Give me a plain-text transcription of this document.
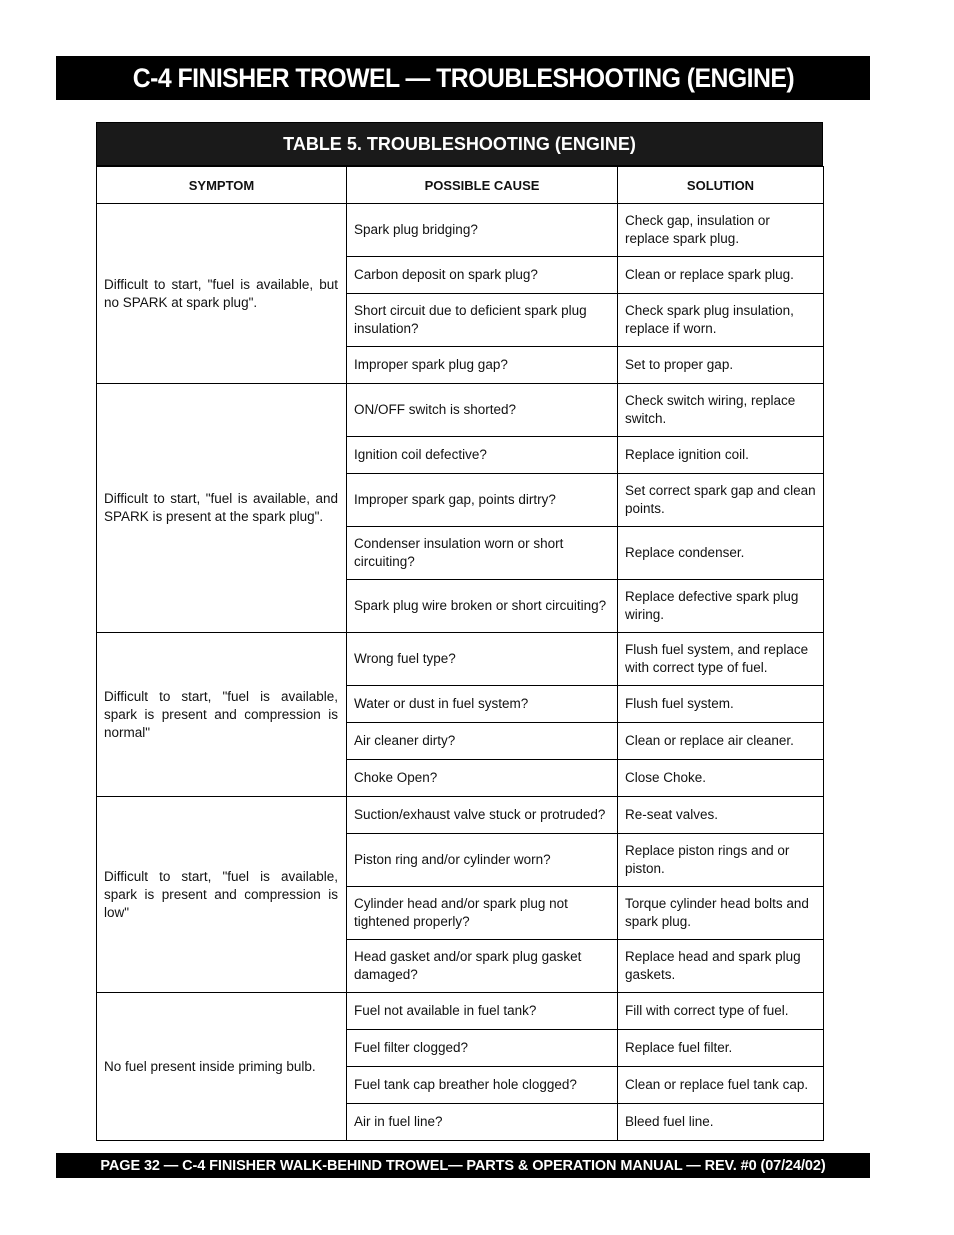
C-4 FINISHER TROWEL — TROUBLESHOOTING (ENGINE)
TABLE 5. TROUBLESHOOTING (ENGINE)
SYMPTOM	POSSIBLE CAUSE	SOLUTION
Difficult to start, "fuel is available, but no SPARK at spark plug".	Spark plug bridging?	Check gap, insulation or replace spark plug.
	Carbon deposit on spark plug?	Clean or replace spark plug.
	Short circuit due to deficient spark plug insulation?	Check spark plug insulation, replace if worn.
	Improper spark plug gap?	Set to proper gap.
Difficult to start, "fuel is available, and SPARK is present at the spark plug".	ON/OFF switch is shorted?	Check switch wiring, replace switch.
	Ignition coil defective?	Replace ignition coil.
	Improper spark gap, points dirtry?	Set correct spark gap and clean points.
	Condenser insulation worn or short circuiting?	Replace condenser.
	Spark plug wire broken or short circuiting?	Replace defective spark plug wiring.
Difficult to start, "fuel is available, spark is present and compression is normal"	Wrong fuel type?	Flush fuel system, and replace with correct type of fuel.
	Water or dust in fuel system?	Flush fuel system.
	Air cleaner dirty?	Clean or replace air cleaner.
	Choke Open?	Close Choke.
Difficult to start, "fuel is available, spark is present and compression is low"	Suction/exhaust valve stuck or protruded?	Re-seat valves.
	Piston ring and/or cylinder worn?	Replace piston rings and or piston.
	Cylinder head and/or spark plug not tightened properly?	Torque cylinder head bolts and spark plug.
	Head gasket and/or spark plug gasket damaged?	Replace head and spark plug gaskets.
No fuel present inside priming bulb.	Fuel not available in fuel tank?	Fill with correct type of fuel.
	Fuel filter clogged?	Replace fuel filter.
	Fuel tank cap breather hole clogged?	Clean or replace fuel tank cap.
	Air in fuel line?	Bleed fuel line.
PAGE 32 — C-4 FINISHER WALK-BEHIND TROWEL— PARTS & OPERATION MANUAL — REV. #0 (07/24/02)
